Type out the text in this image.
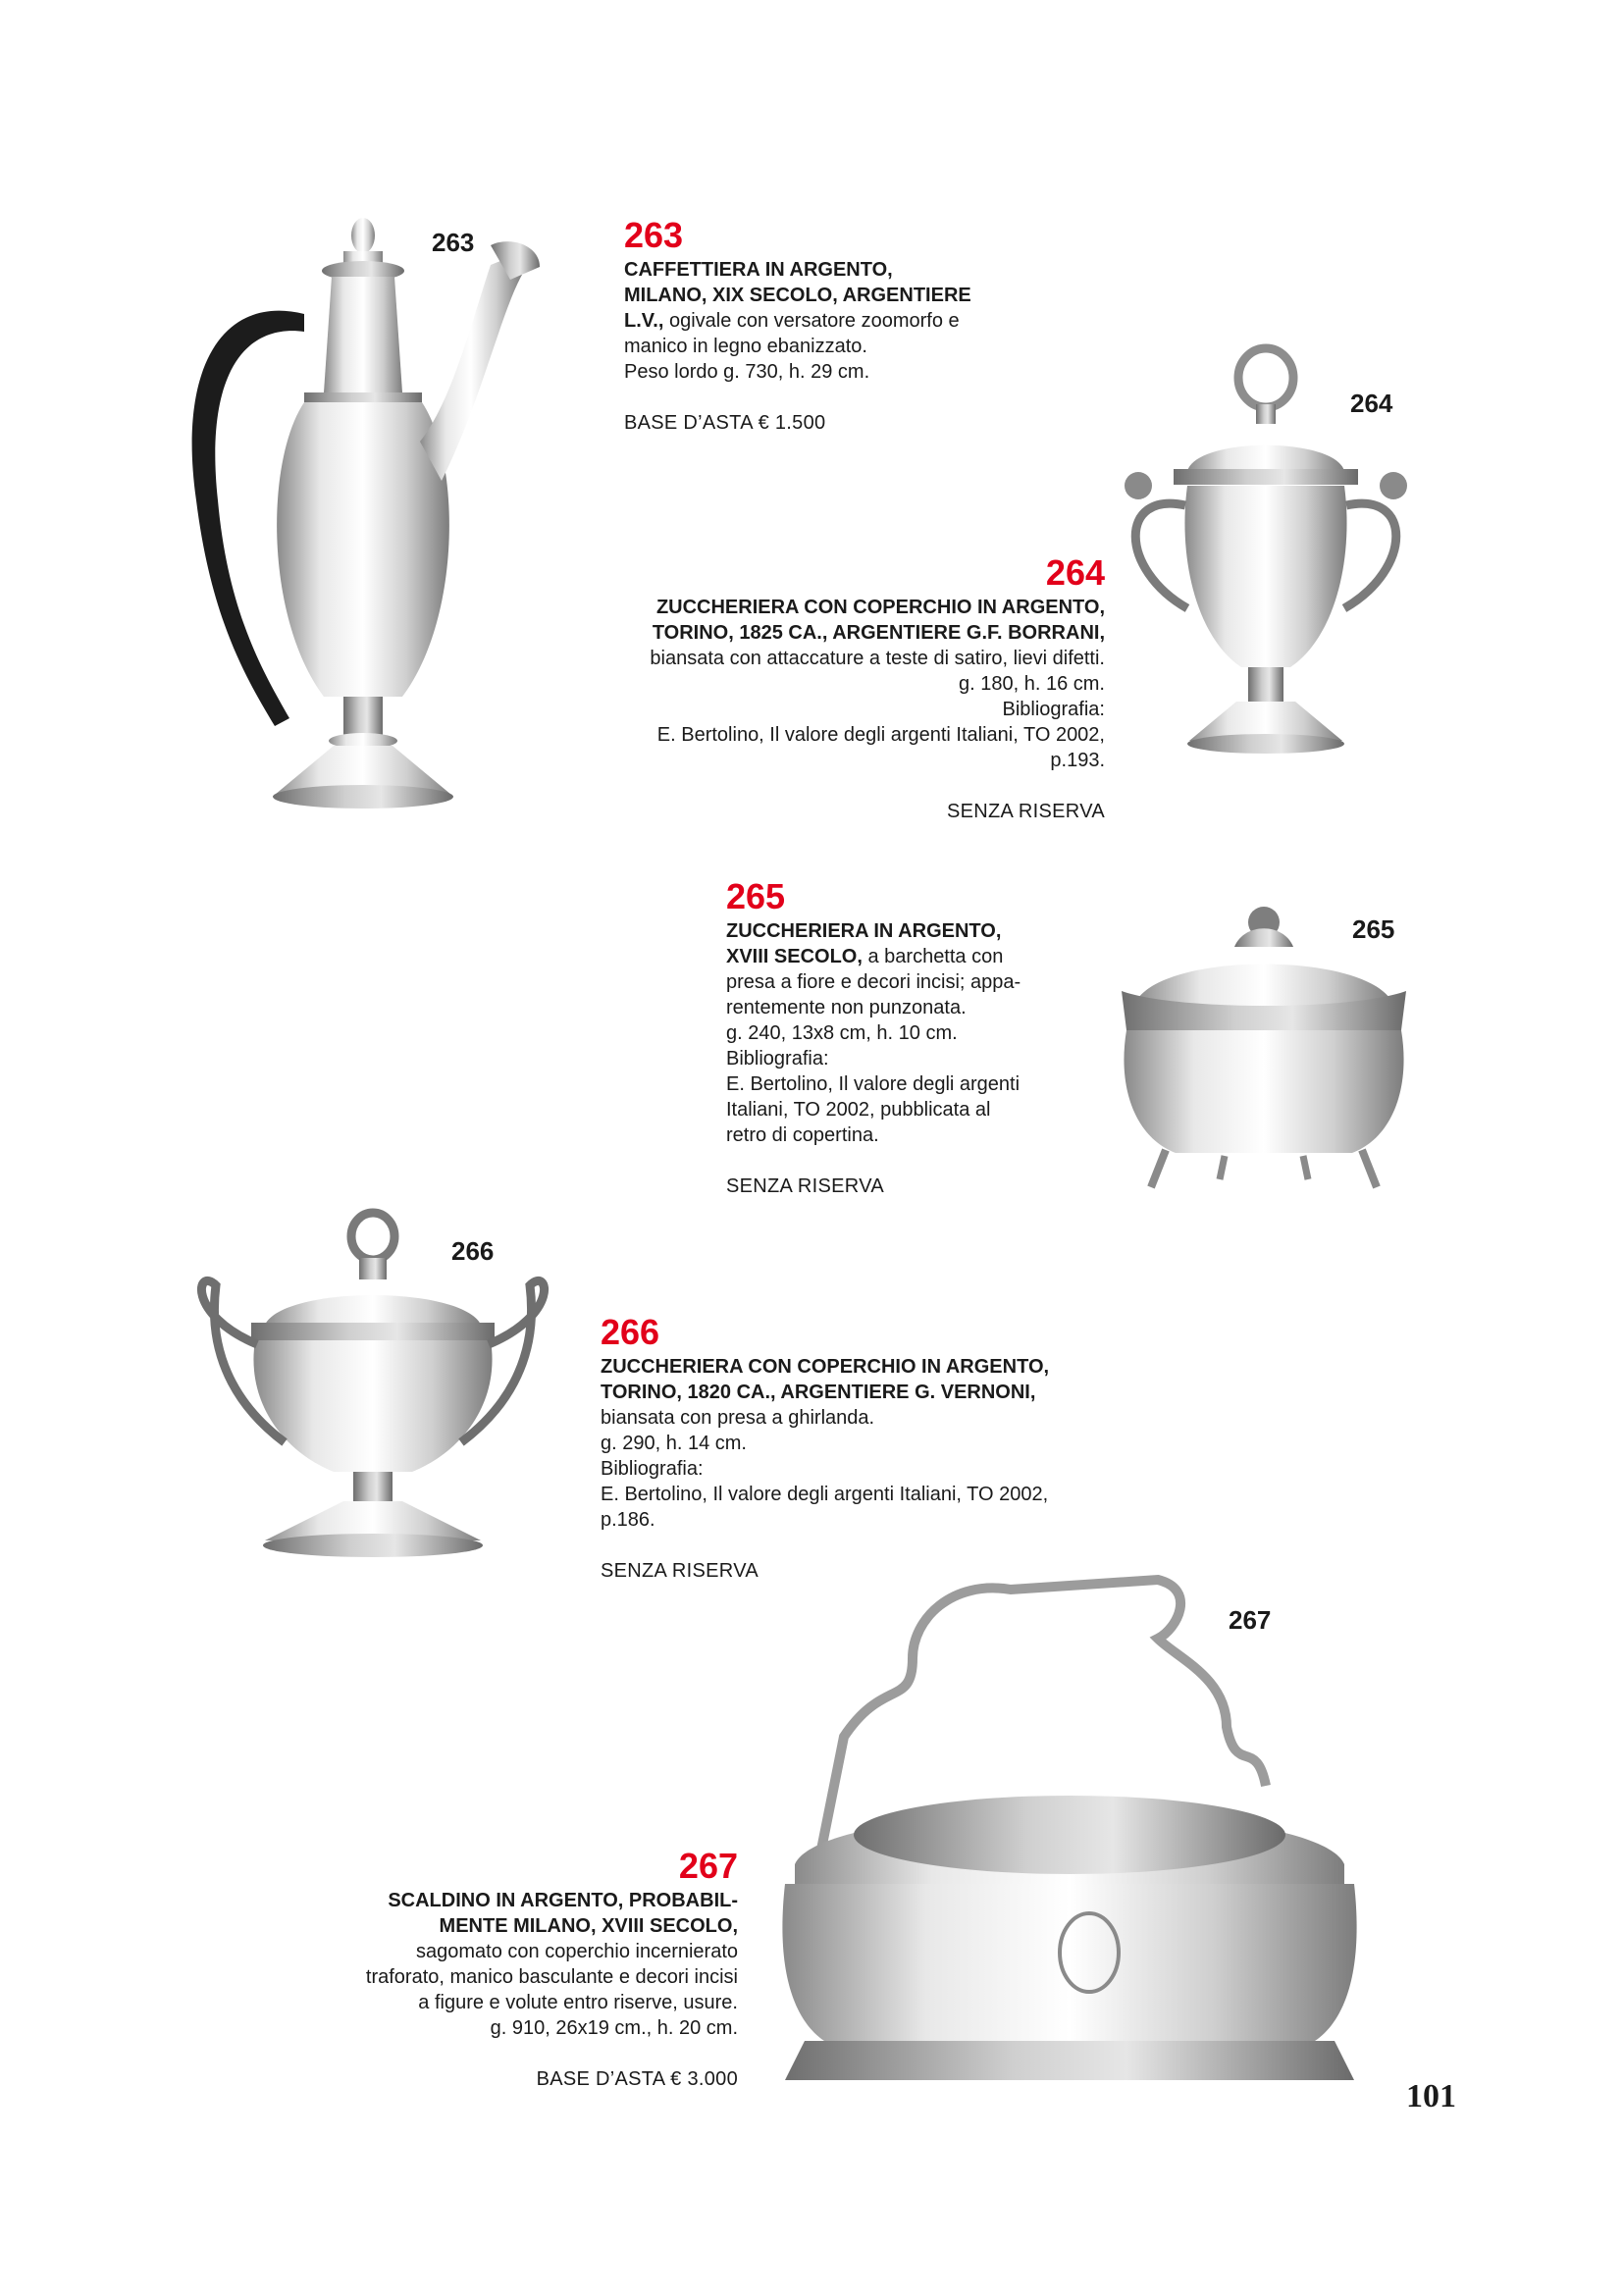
263	263

CAFFETTIERA IN ARGENTO,
MILANO, XIX SECOLO, ARGENTIERE
L.V., ogivale con versatore zoomorfo e
manico in legno ebanizzato.
Peso lordo g. 730, h. 29 cm.

BASE D’ASTA € 1.500

264
264

ZUCCHERIERA CON COPERCHIO IN ARGENTO,
TORINO, 1825 CA., ARGENTIERE G.F. BORRANI,
biansata con attaccature a teste di satiro, lievi difetti.
g. 180, h. 16 cm.
Bibliografia:
E. Bertolino, Il valore degli argenti Italiani, TO 2002,
p.193.

SENZA RISERVA

265
265

ZUCCHERIERA IN ARGENTO,
XVIII SECOLO, a barchetta con
presa a fiore e decori incisi; appa-
rentemente non punzonata.
g. 240, 13x8 cm, h. 10 cm.
Bibliografia:
E. Bertolino, Il valore degli argenti
Italiani, TO 2002, pubblicata al
retro di copertina.

SENZA RISERVA

266
266

ZUCCHERIERA CON COPERCHIO IN ARGENTO,
TORINO, 1820 CA., ARGENTIERE G. VERNONI,
biansata con presa a ghirlanda.
g. 290, h. 14 cm.
Bibliografia:
E. Bertolino, Il valore degli argenti Italiani, TO 2002,
p.186.

SENZA RISERVA

267
267

SCALDINO IN ARGENTO, PROBABIL-
MENTE MILANO, XVIII SECOLO,
sagomato con coperchio incernierato
traforato, manico basculante e decori incisi
a figure e volute entro riserve, usure.
g. 910, 26x19 cm., h. 20 cm.

BASE D’ASTA € 3.000	101
